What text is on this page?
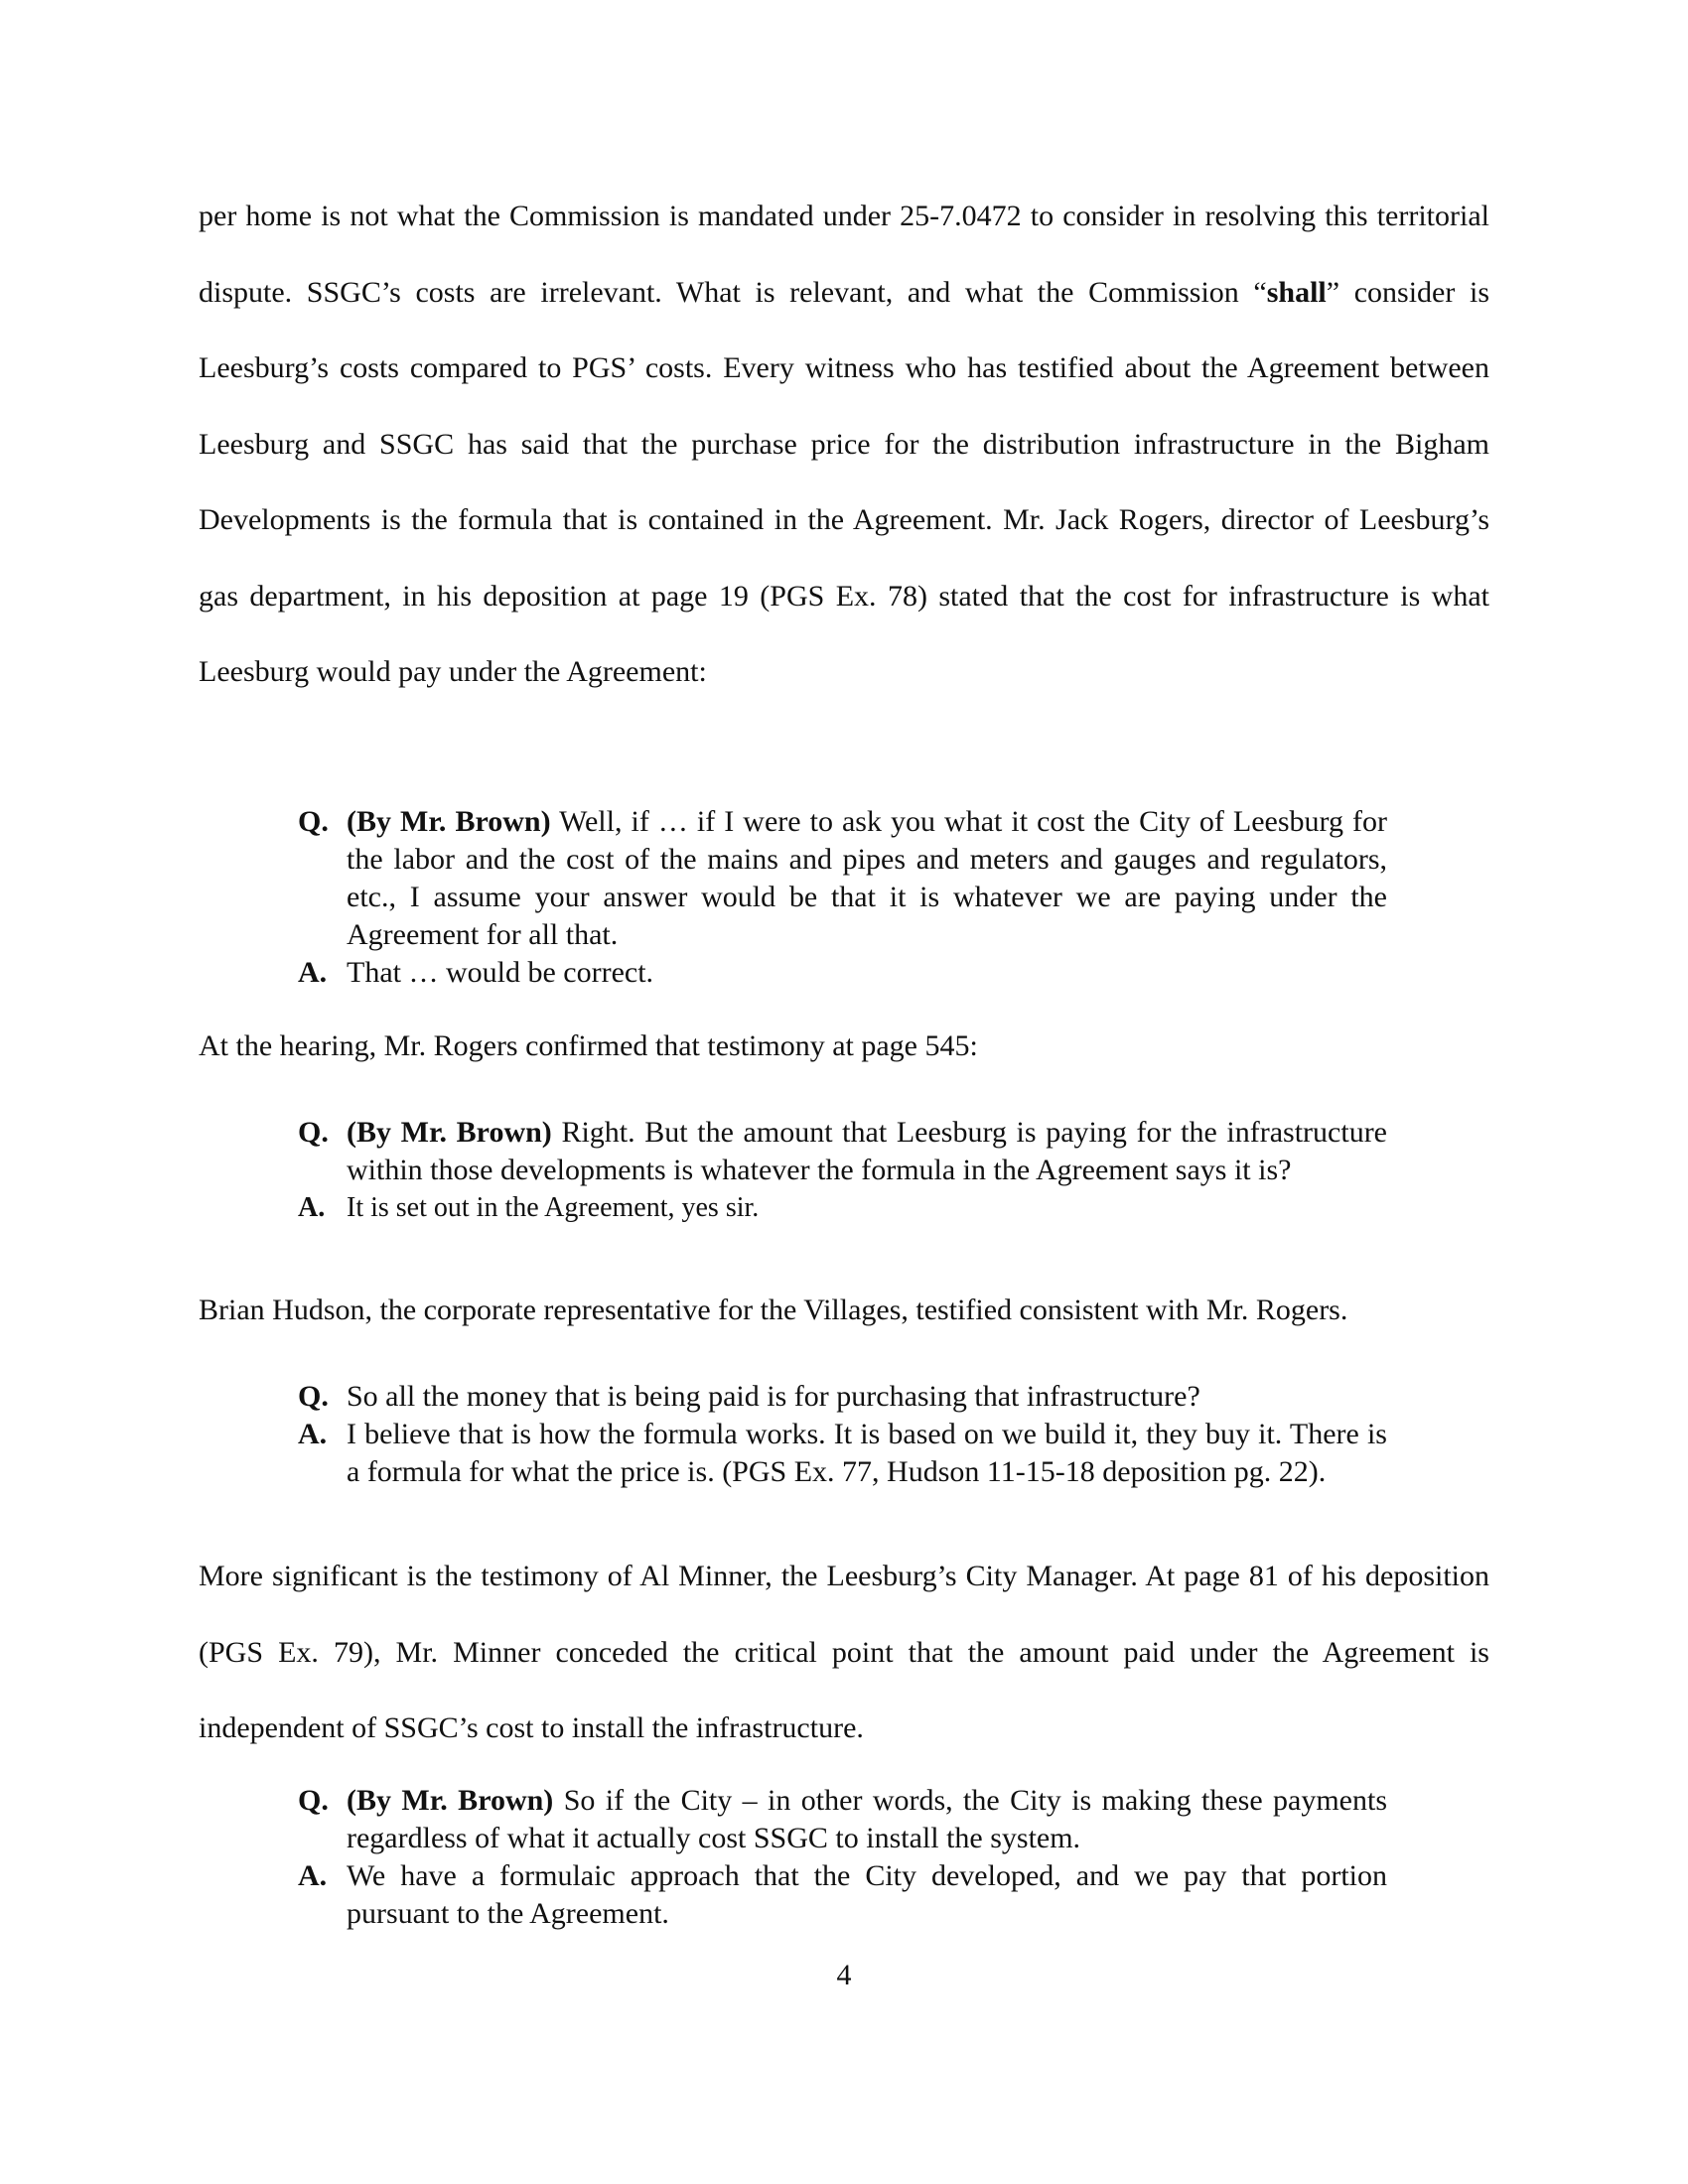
per home is not what the Commission is mandated under 25-7.0472 to consider in resolving this territorial dispute. SSGC’s costs are irrelevant. What is relevant, and what the Commission “shall” consider is Leesburg’s costs compared to PGS’ costs. Every witness who has testified about the Agreement between Leesburg and SSGC has said that the purchase price for the distribution infrastructure in the Bigham Developments is the formula that is contained in the Agreement. Mr. Jack Rogers, director of Leesburg’s gas department, in his deposition at page 19 (PGS Ex. 78) stated that the cost for infrastructure is what Leesburg would pay under the Agreement:

Q. (By Mr. Brown) Well, if … if I were to ask you what it cost the City of Leesburg for the labor and the cost of the mains and pipes and meters and gauges and regulators, etc., I assume your answer would be that it is whatever we are paying under the Agreement for all that.
A. That … would be correct.

At the hearing, Mr. Rogers confirmed that testimony at page 545:

Q. (By Mr. Brown) Right. But the amount that Leesburg is paying for the infrastructure within those developments is whatever the formula in the Agreement says it is?
A. It is set out in the Agreement, yes sir.

Brian Hudson, the corporate representative for the Villages, testified consistent with Mr. Rogers.

Q. So all the money that is being paid is for purchasing that infrastructure?
A. I believe that is how the formula works. It is based on we build it, they buy it. There is a formula for what the price is. (PGS Ex. 77, Hudson 11-15-18 deposition pg. 22).

More significant is the testimony of Al Minner, the Leesburg’s City Manager. At page 81 of his deposition (PGS Ex. 79), Mr. Minner conceded the critical point that the amount paid under the Agreement is independent of SSGC’s cost to install the infrastructure.

Q. (By Mr. Brown) So if the City – in other words, the City is making these payments regardless of what it actually cost SSGC to install the system.
A. We have a formulaic approach that the City developed, and we pay that portion pursuant to the Agreement.
4
